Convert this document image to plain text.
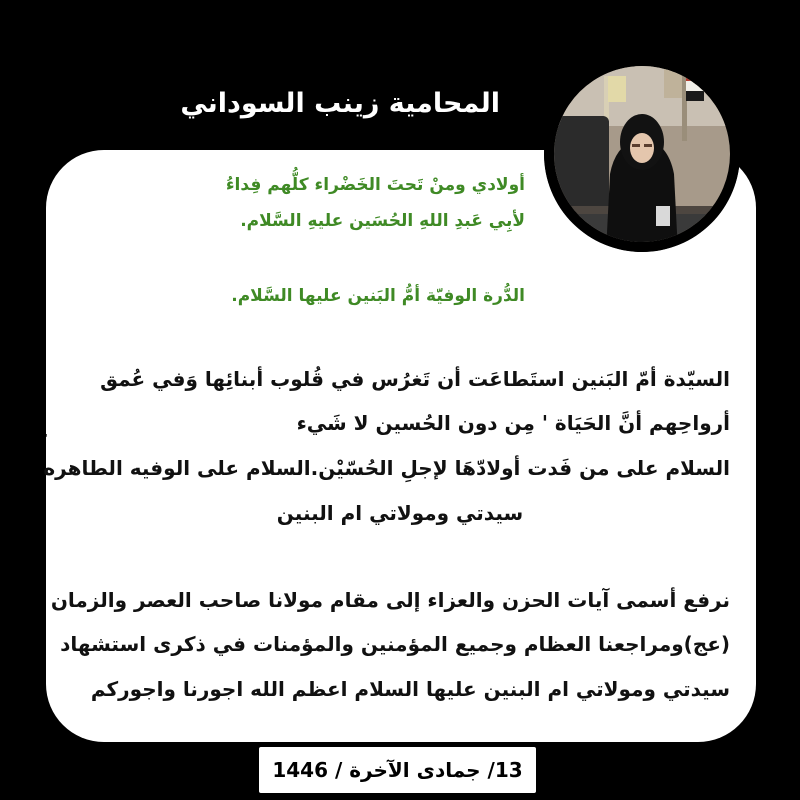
المحامية زينب السوداني
أولادي ومنْ تَحتَ الخَضْراء كلُّهم فِداءُ
لأبِي عَبدِ اللهِ الحُسَين عليهِ السَّلام.
الدُّرة الوفيّة أمُّ البَنين عليها السَّلام.
السيّدة أمّ البَنين استَطاعَت أن تَغرُس في قُلوب أبنائِها وَفي عُمق
أرواحِهم أنَّ الحَيَاة ' مِن دون الحُسين لا شَيء
،
السلام على من فَدت أولادّهَا لإجلِ الحُسّيْن.السلام على الوفيه الطاهره
سيدتي ومولاتي ام البنين
نرفع أسمى آيات الحزن والعزاء إلى مقام مولانا صاحب العصر والزمان
(عج)ومراجعنا العظام وجميع المؤمنين والمؤمنات في ذكرى استشهاد
سيدتي ومولاتي ام البنين عليها السلام اعظم الله اجورنا واجوركم
13/ جمادى الآخرة / 1446
